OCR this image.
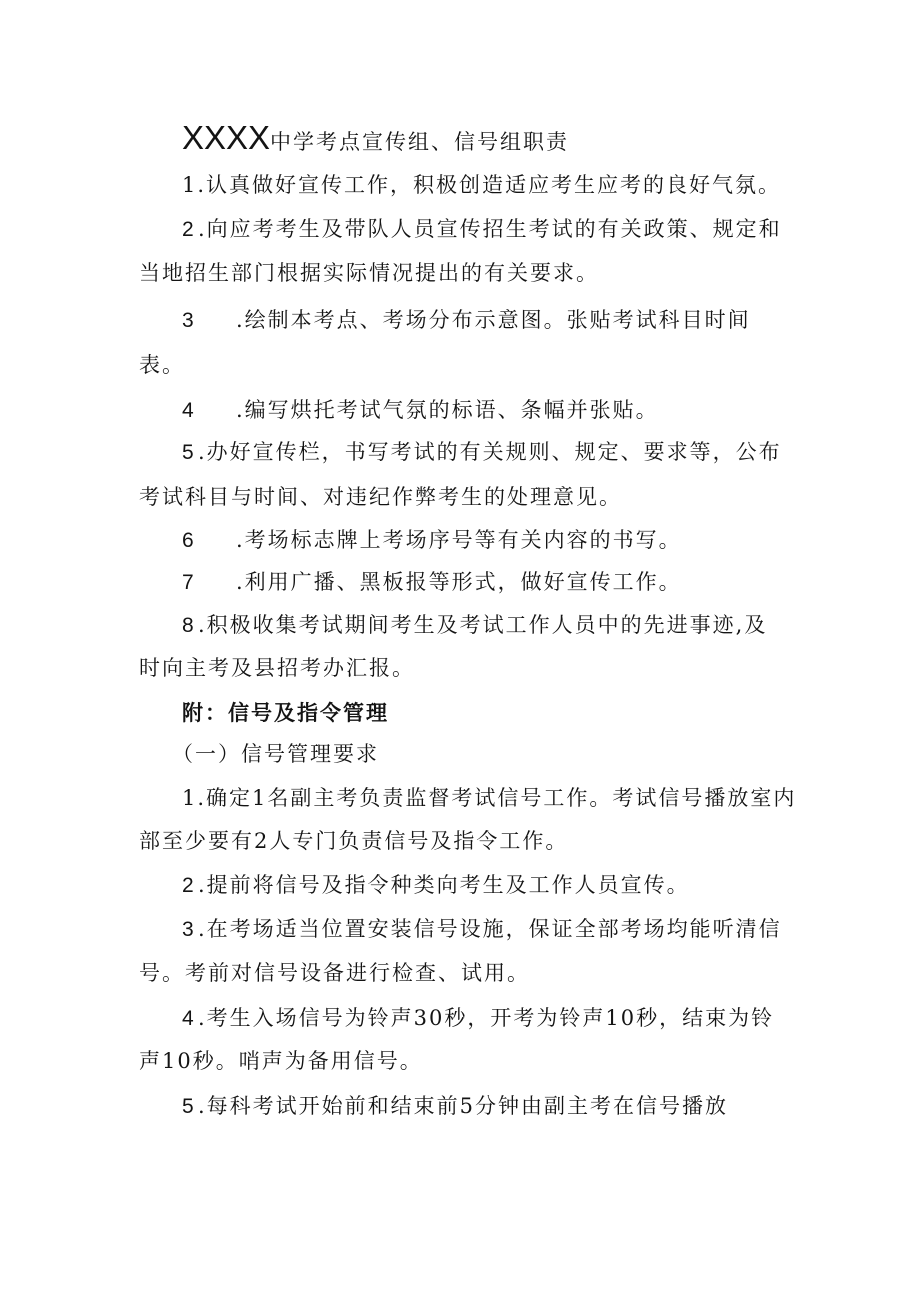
XXXX中学考点宣传组、信号组职责
1.认真做好宣传工作，积极创造适应考生应考的良好气氛。
2 .向应考考生及带队人员宣传招生考试的有关政策、规定和
当地招生部门根据实际情况提出的有关要求。
3 .绘制本考点、考场分布示意图。张贴考试科目时间
表。
4 .编写烘托考试气氛的标语、条幅并张贴。
5 .办好宣传栏，书写考试的有关规则、规定、要求等，公布
考试科目与时间、对违纪作弊考生的处理意见。
6 .考场标志牌上考场序号等有关内容的书写。
7 .利用广播、黑板报等形式，做好宣传工作。
8 .积极收集考试期间考生及考试工作人员中的先进事迹,及
时向主考及县招考办汇报。
附：信号及指令管理
（一）信号管理要求
1.确定1名副主考负责监督考试信号工作。考试信号播放室内
部至少要有2人专门负责信号及指令工作。
2 .提前将信号及指令种类向考生及工作人员宣传。
3 .在考场适当位置安装信号设施，保证全部考场均能听清信
号。考前对信号设备进行检查、试用。
4 .考生入场信号为铃声30秒，开考为铃声10秒，结束为铃
声10秒。哨声为备用信号。
5 .每科考试开始前和结束前5分钟由副主考在信号播放
